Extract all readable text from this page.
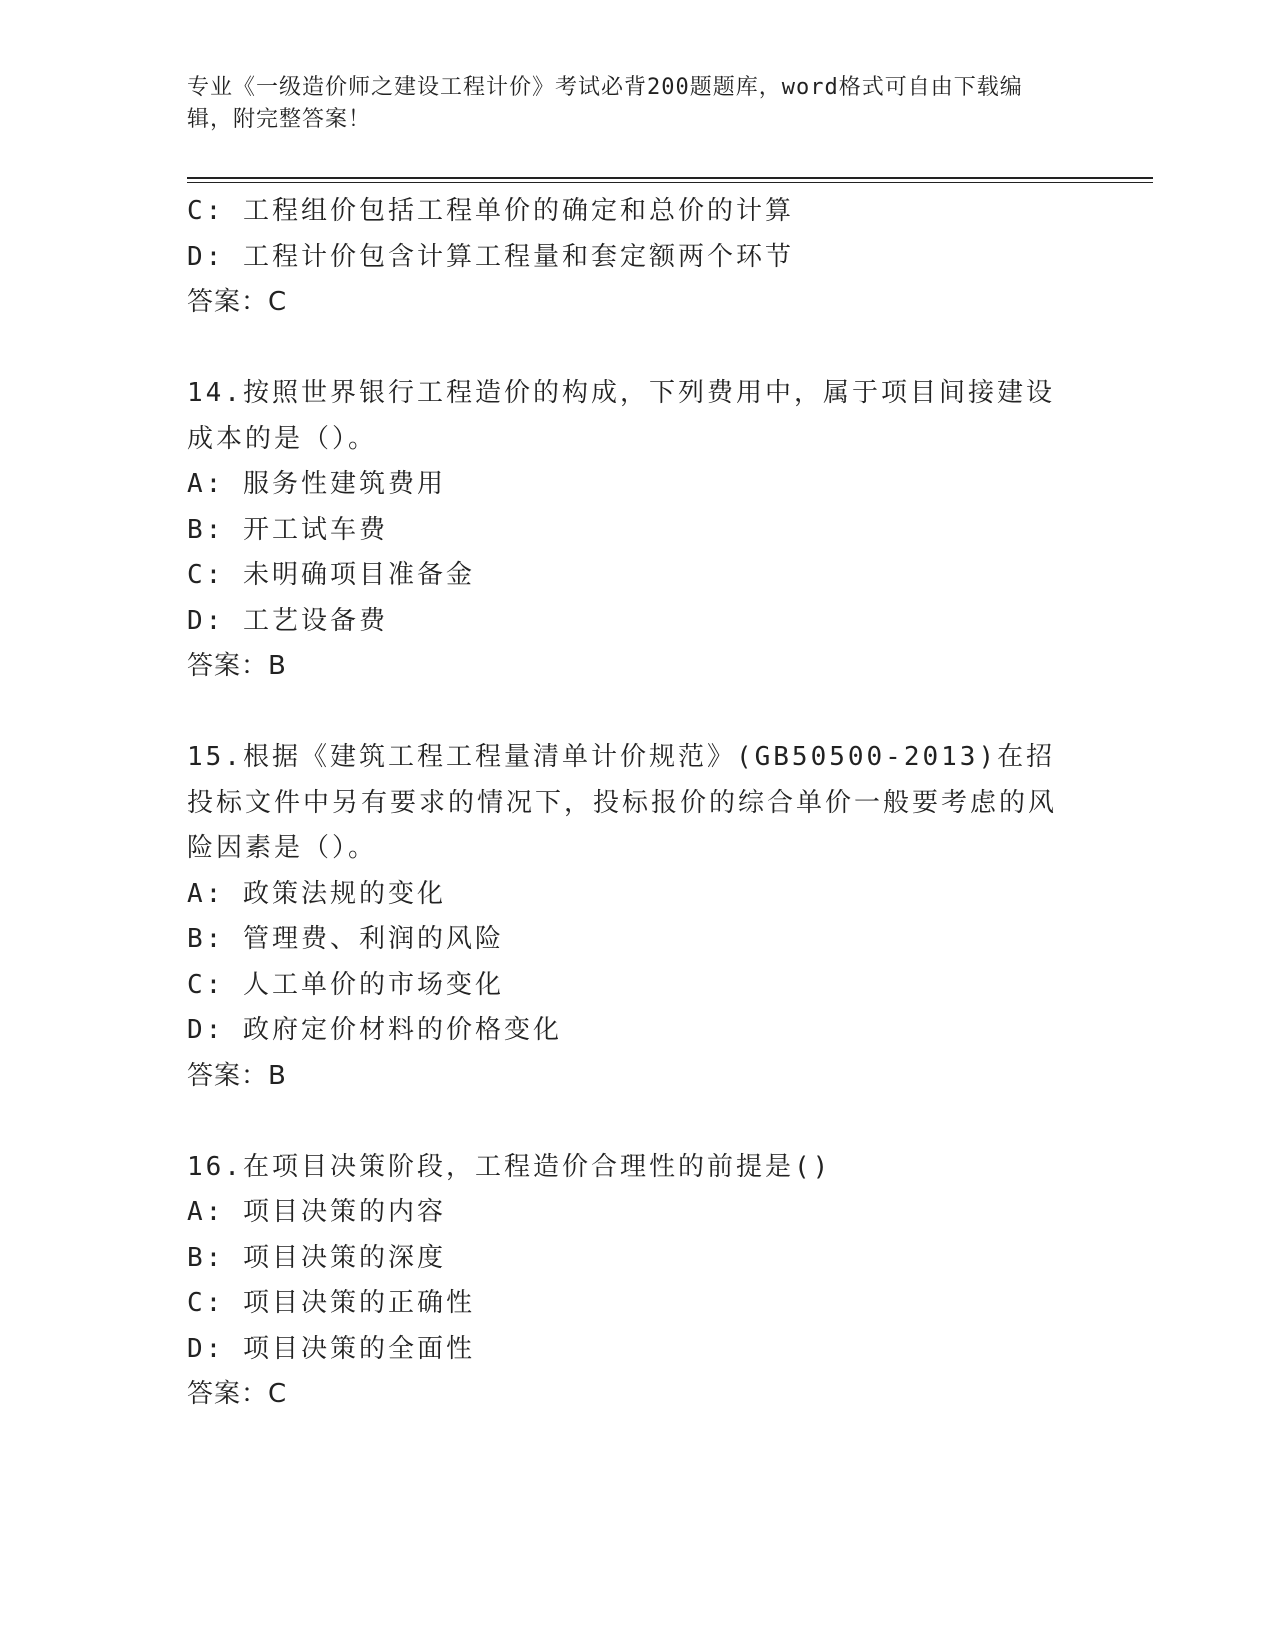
专业《一级造价师之建设工程计价》考试必背200题题库，word格式可自由下载编辑，附完整答案！
C: 工程组价包括工程单价的确定和总价的计算
D: 工程计价包含计算工程量和套定额两个环节
答案：C
14.按照世界银行工程造价的构成，下列费用中，属于项目间接建设成本的是（）。
A: 服务性建筑费用
B: 开工试车费
C: 未明确项目准备金
D: 工艺设备费
答案：B
15.根据《建筑工程工程量清单计价规范》(GB50500-2013)在招投标文件中另有要求的情况下，投标报价的综合单价一般要考虑的风险因素是（）。
A: 政策法规的变化
B: 管理费、利润的风险
C: 人工单价的市场变化
D: 政府定价材料的价格变化
答案：B
16.在项目决策阶段，工程造价合理性的前提是()
A: 项目决策的内容
B: 项目决策的深度
C: 项目决策的正确性
D: 项目决策的全面性
答案：C
